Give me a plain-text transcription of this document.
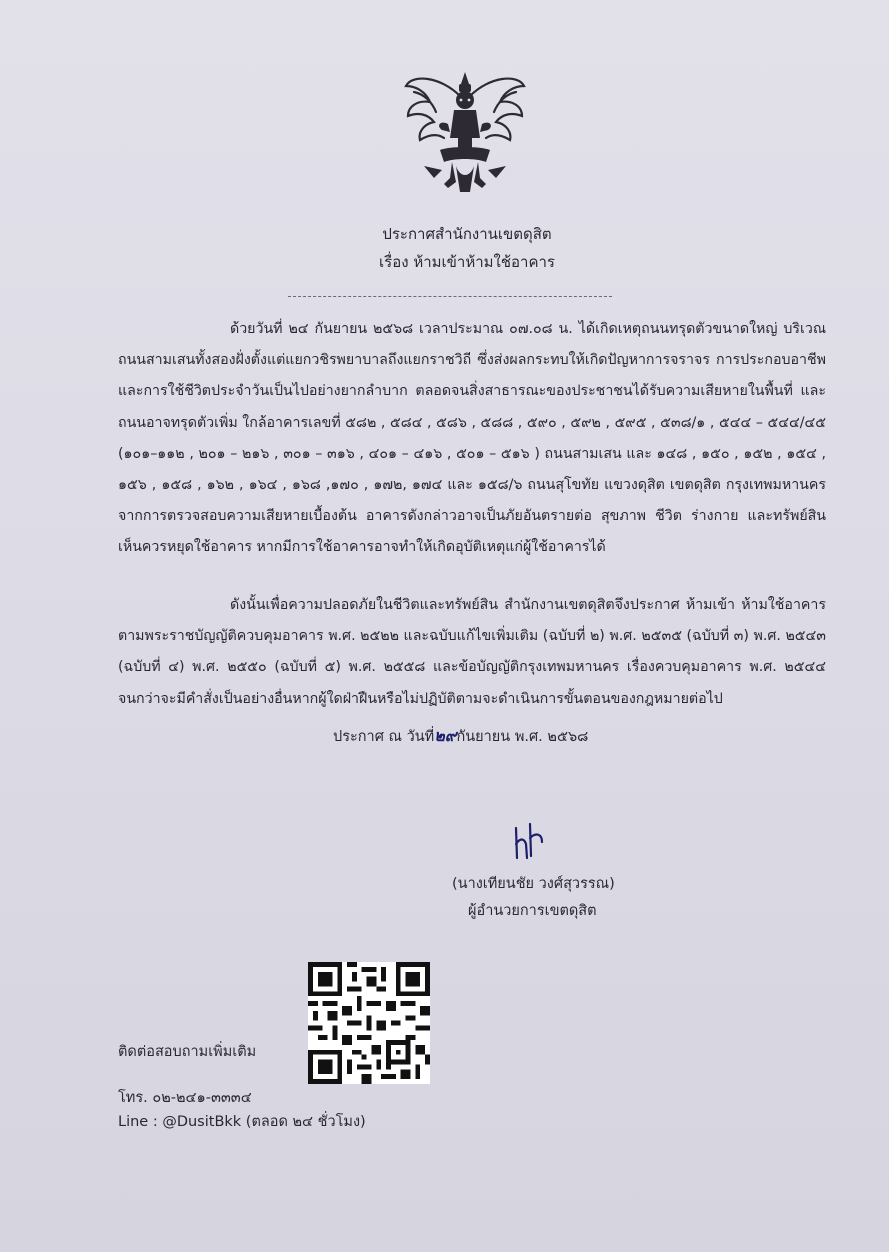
ประกาศสำนักงานเขตดุสิต
เรื่อง ห้ามเข้าห้ามใช้อาคาร
ด้วยวันที่ ๒๔ กันยายน ๒๕๖๘ เวลาประมาณ ๐๗.๐๘ น. ได้เกิดเหตุถนนทรุดตัวขนาดใหญ่ บริเวณถนนสามเสนทั้งสองฝั่งตั้งแต่แยกวชิรพยาบาลถึงแยกราชวิถี ซึ่งส่งผลกระทบให้เกิดปัญหาการจราจร การประกอบอาชีพ และการใช้ชีวิตประจำวันเป็นไปอย่างยากลำบาก ตลอดจนสิ่งสาธารณะของประชาชนได้รับความเสียหายในพื้นที่ และถนนอาจทรุดตัวเพิ่ม ใกล้อาคารเลขที่ ๕๘๒ , ๕๘๔ , ๕๘๖ , ๕๘๘ , ๕๙๐ , ๕๙๒ , ๕๙๕ , ๕๓๘/๑ , ๕๔๔ – ๕๔๔/๔๕ (๑๐๑–๑๑๒ , ๒๐๑ – ๒๑๖ , ๓๐๑ – ๓๑๖ , ๔๐๑ – ๔๑๖ , ๕๐๑ – ๕๑๖ ) ถนนสามเสน และ ๑๔๘ , ๑๕๐ , ๑๕๒ , ๑๕๔ , ๑๕๖ , ๑๕๘ , ๑๖๒ , ๑๖๔ , ๑๖๘ ,๑๗๐ , ๑๗๒, ๑๗๔ และ ๑๕๘/๖ ถนนสุโขทัย แขวงดุสิต เขตดุสิต กรุงเทพมหานคร จากการตรวจสอบความเสียหายเบื้องต้น อาคารดังกล่าวอาจเป็นภัยอันตรายต่อ สุขภาพ ชีวิต ร่างกาย และทรัพย์สิน เห็นควรหยุดใช้อาคาร หากมีการใช้อาคารอาจทำให้เกิดอุบัติเหตุแก่ผู้ใช้อาคารได้
ดังนั้นเพื่อความปลอดภัยในชีวิตและทรัพย์สิน สำนักงานเขตดุสิตจึงประกาศ ห้ามเข้า ห้ามใช้อาคาร ตามพระราชบัญญัติควบคุมอาคาร พ.ศ. ๒๕๒๒ และฉบับแก้ไขเพิ่มเติม (ฉบับที่ ๒) พ.ศ. ๒๕๓๕ (ฉบับที่ ๓) พ.ศ. ๒๕๔๓ (ฉบับที่ ๔) พ.ศ. ๒๕๕๐ (ฉบับที่ ๕) พ.ศ. ๒๕๕๘ และข้อบัญญัติกรุงเทพมหานคร เรื่องควบคุมอาคาร พ.ศ. ๒๕๔๔ จนกว่าจะมีคำสั่งเป็นอย่างอื่นหากผู้ใดฝ่าฝืนหรือไม่ปฏิบัติตามจะดำเนินการขั้นตอนของกฎหมายต่อไป
ประกาศ ณ วันที่๒๙กันยายน พ.ศ. ๒๕๖๘
(นางเทียนชัย วงศ์สุวรรณ)
ผู้อำนวยการเขตดุสิต
ติดต่อสอบถามเพิ่มเติม
โทร. ๐๒-๒๔๑-๓๓๓๔
Line : @DusitBkk (ตลอด ๒๔ ชั่วโมง)
